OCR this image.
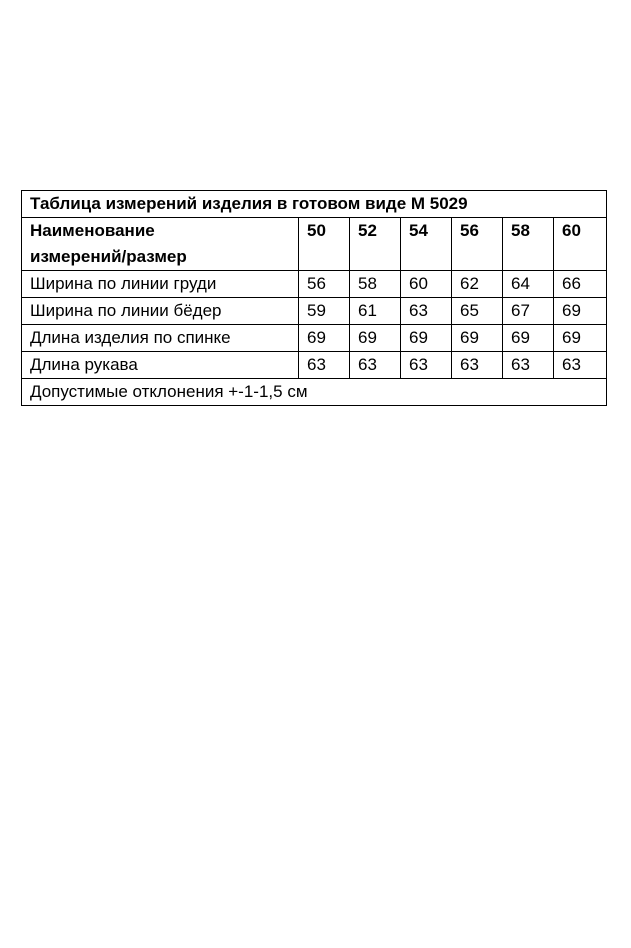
Таблица измерений изделия в готовом виде М 5029						
Наименование
измерений/размер	50	52	54	56	58	60
Ширина по линии груди	56	58	60	62	64	66
Ширина по линии бёдер	59	61	63	65	67	69
Длина изделия по спинке	69	69	69	69	69	69
Длина рукава	63	63	63	63	63	63
Допустимые отклонения +-1-1,5 см						
